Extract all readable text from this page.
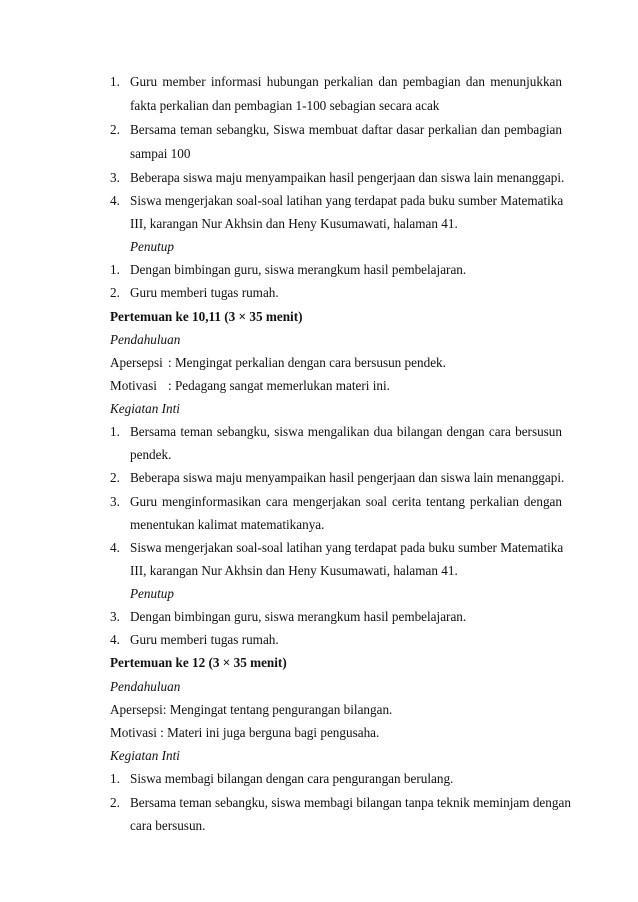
1. Guru member informasi hubungan perkalian dan pembagian dan menunjukkan
fakta perkalian dan pembagian 1-100 sebagian secara acak
2. Bersama teman sebangku, Siswa membuat daftar dasar perkalian dan pembagian
sampai 100
3. Beberapa siswa maju menyampaikan hasil pengerjaan dan siswa lain menanggapi.
4. Siswa mengerjakan soal-soal latihan yang terdapat pada buku sumber Matematika
III, karangan Nur Akhsin dan Heny Kusumawati, halaman 41.
Penutup
1. Dengan bimbingan guru, siswa merangkum hasil pembelajaran.
2. Guru memberi tugas rumah.
Pertemuan ke 10,11 (3 × 35 menit)
Pendahuluan
Apersepsi : Mengingat perkalian dengan cara bersusun pendek.
Motivasi : Pedagang sangat memerlukan materi ini.
Kegiatan Inti
1. Bersama teman sebangku, siswa mengalikan dua bilangan dengan cara bersusun
pendek.
2. Beberapa siswa maju menyampaikan hasil pengerjaan dan siswa lain menanggapi.
3. Guru menginformasikan cara mengerjakan soal cerita tentang perkalian dengan
menentukan kalimat matematikanya.
4. Siswa mengerjakan soal-soal latihan yang terdapat pada buku sumber Matematika
III, karangan Nur Akhsin dan Heny Kusumawati, halaman 41.
Penutup
3. Dengan bimbingan guru, siswa merangkum hasil pembelajaran.
4. Guru memberi tugas rumah.
Pertemuan ke 12 (3 × 35 menit)
Pendahuluan
Apersepsi: Mengingat tentang pengurangan bilangan.
Motivasi : Materi ini juga berguna bagi pengusaha.
Kegiatan Inti
1. Siswa membagi bilangan dengan cara pengurangan berulang.
2. Bersama teman sebangku, siswa membagi bilangan tanpa teknik meminjam dengan
cara bersusun.
